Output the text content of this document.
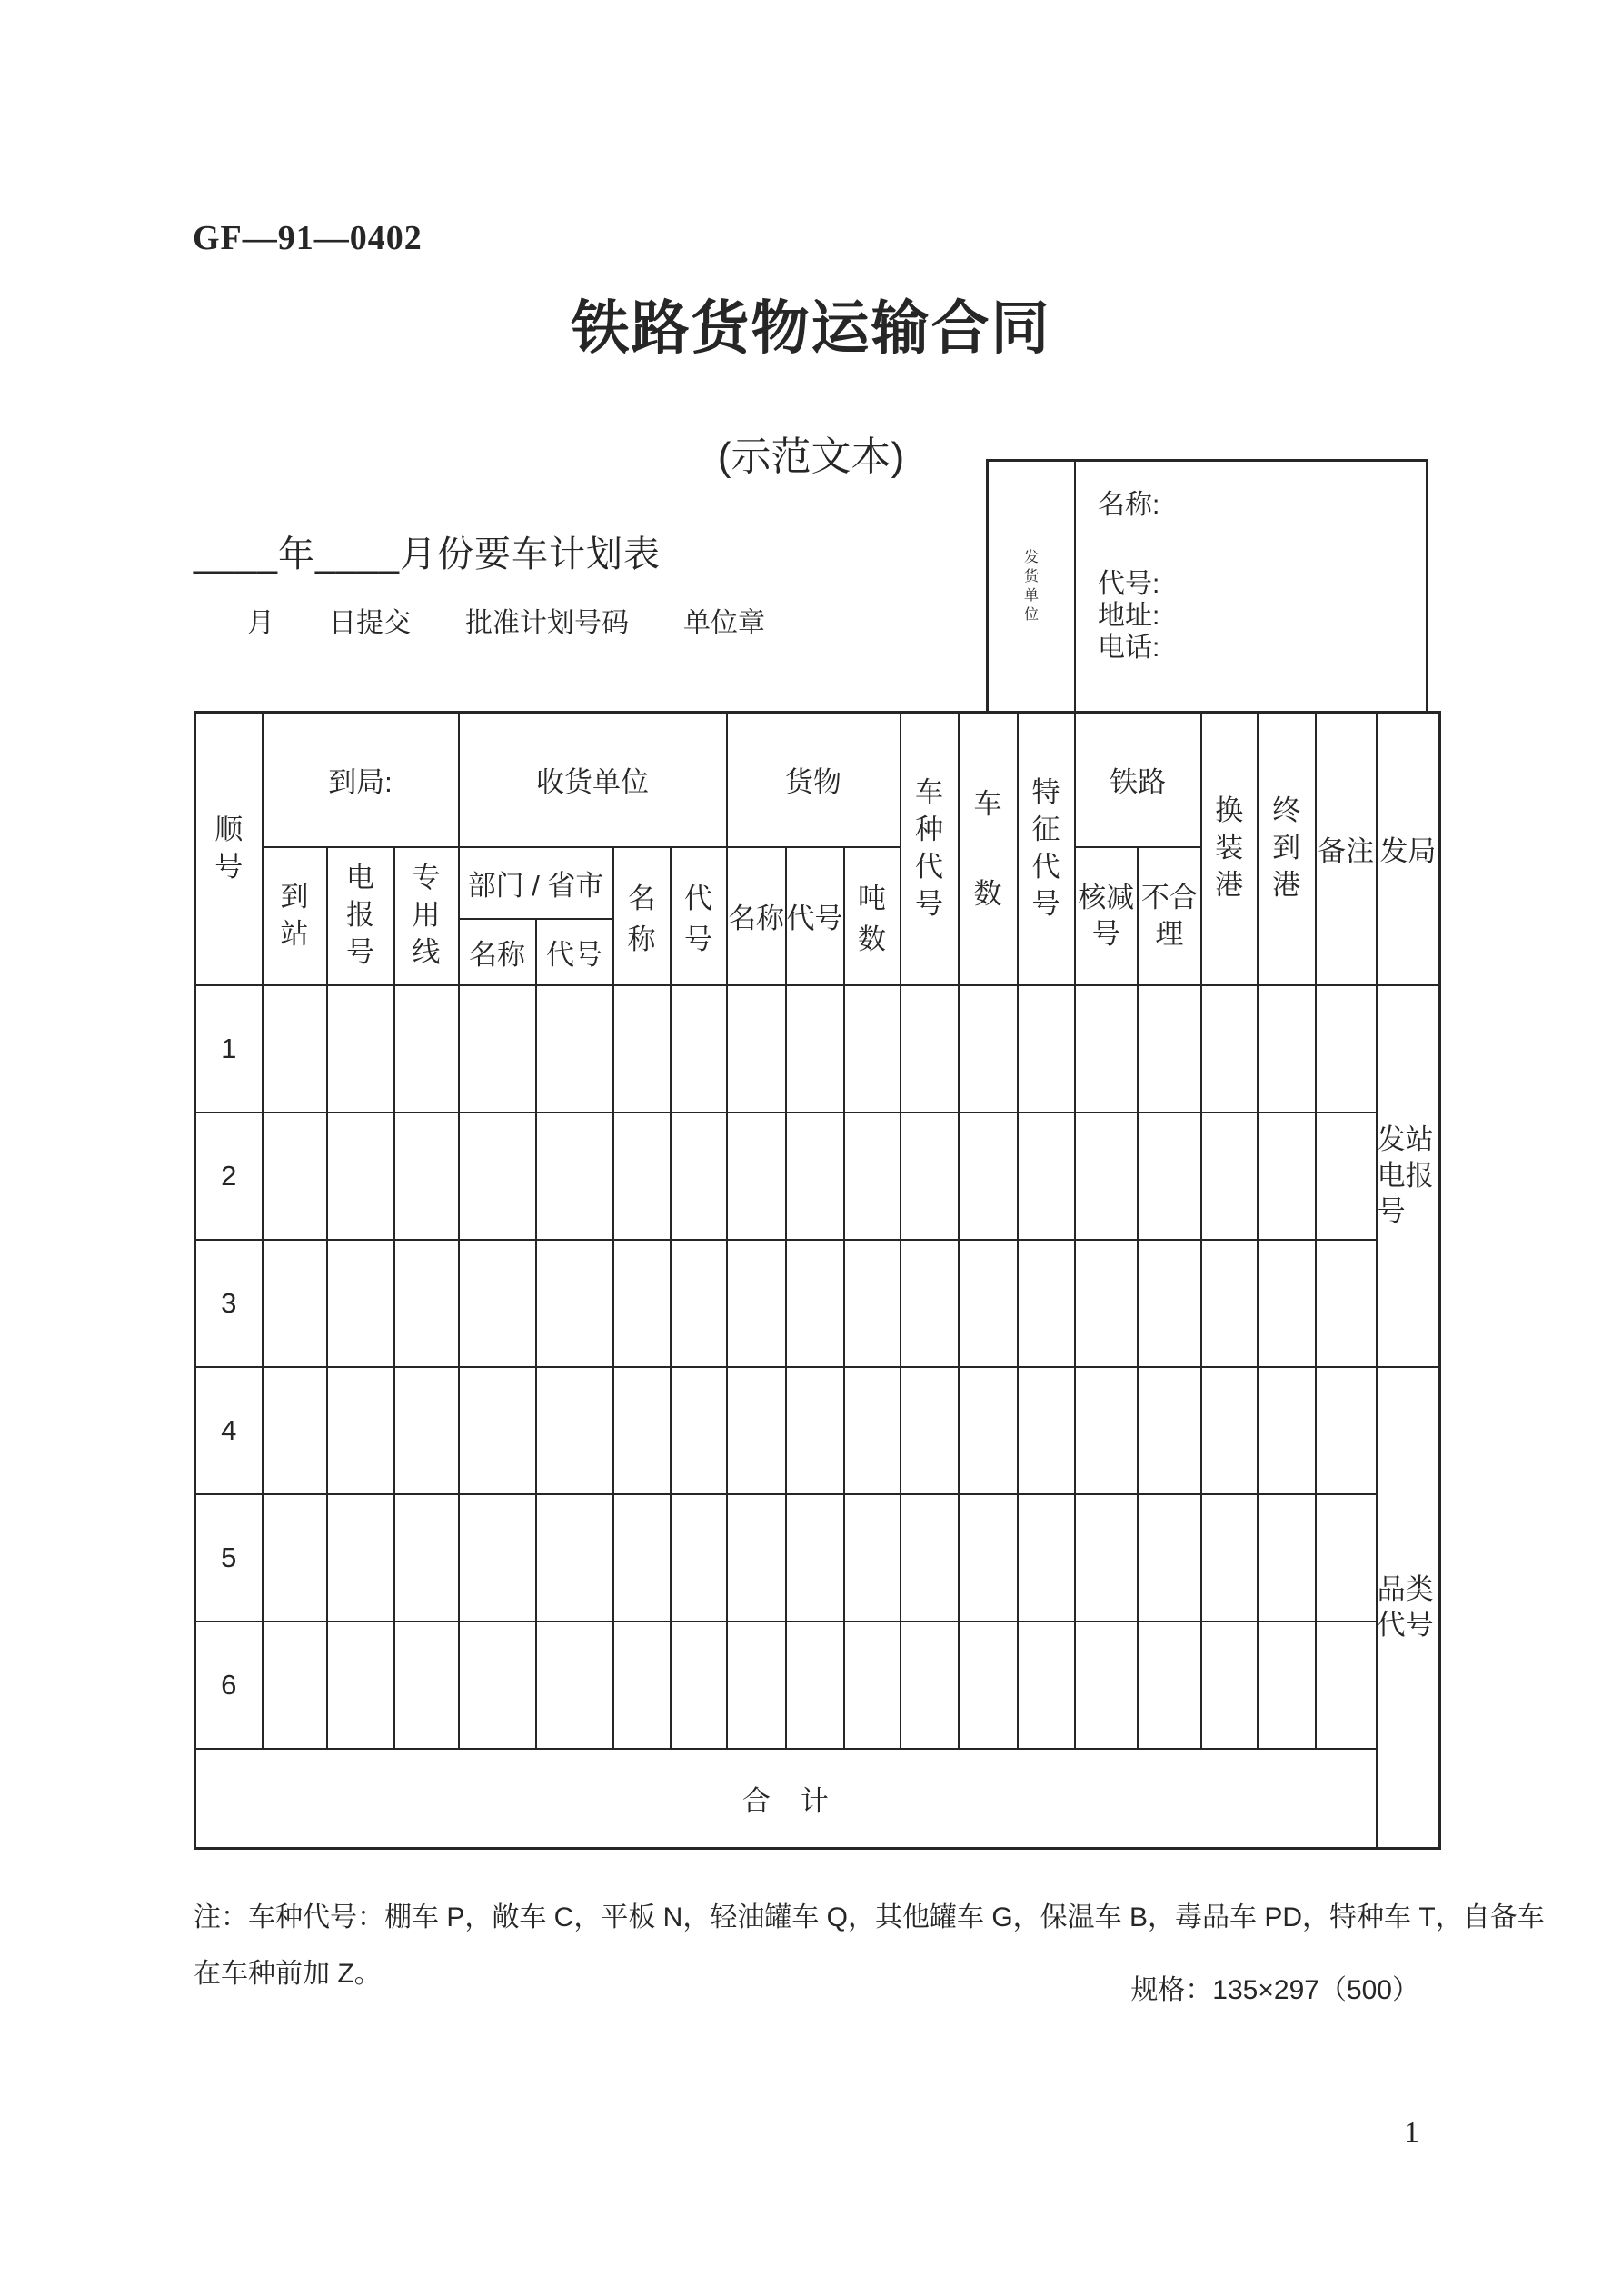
GF—91—0402
铁路货物运输合同
(示范文本)
____年____月份要车计划表
月　　日提交　　批准计划号码　　单位章
发货单位
名称:
代号:
地址:
电话:
顺号	到局:			收货单位				货物			车种代号	车数	特征代号	铁路		换装港	终到港	备注	发局
	到站	电报号	专用线	部门 / 省市		名称	代号	名称	代号	吨数				核减号	不合理				
				名称	代号														
1																			发站电报号
2																			
3																			
4																			品类代号
5																			
6																			
合　计																			
注：车种代号：棚车 P，敞车 C，平板 N，轻油罐车 Q，其他罐车 G，保温车 B，毒品车 PD，特种车 T，自备车
在车种前加 Z。
规格：135×297（500）
1
